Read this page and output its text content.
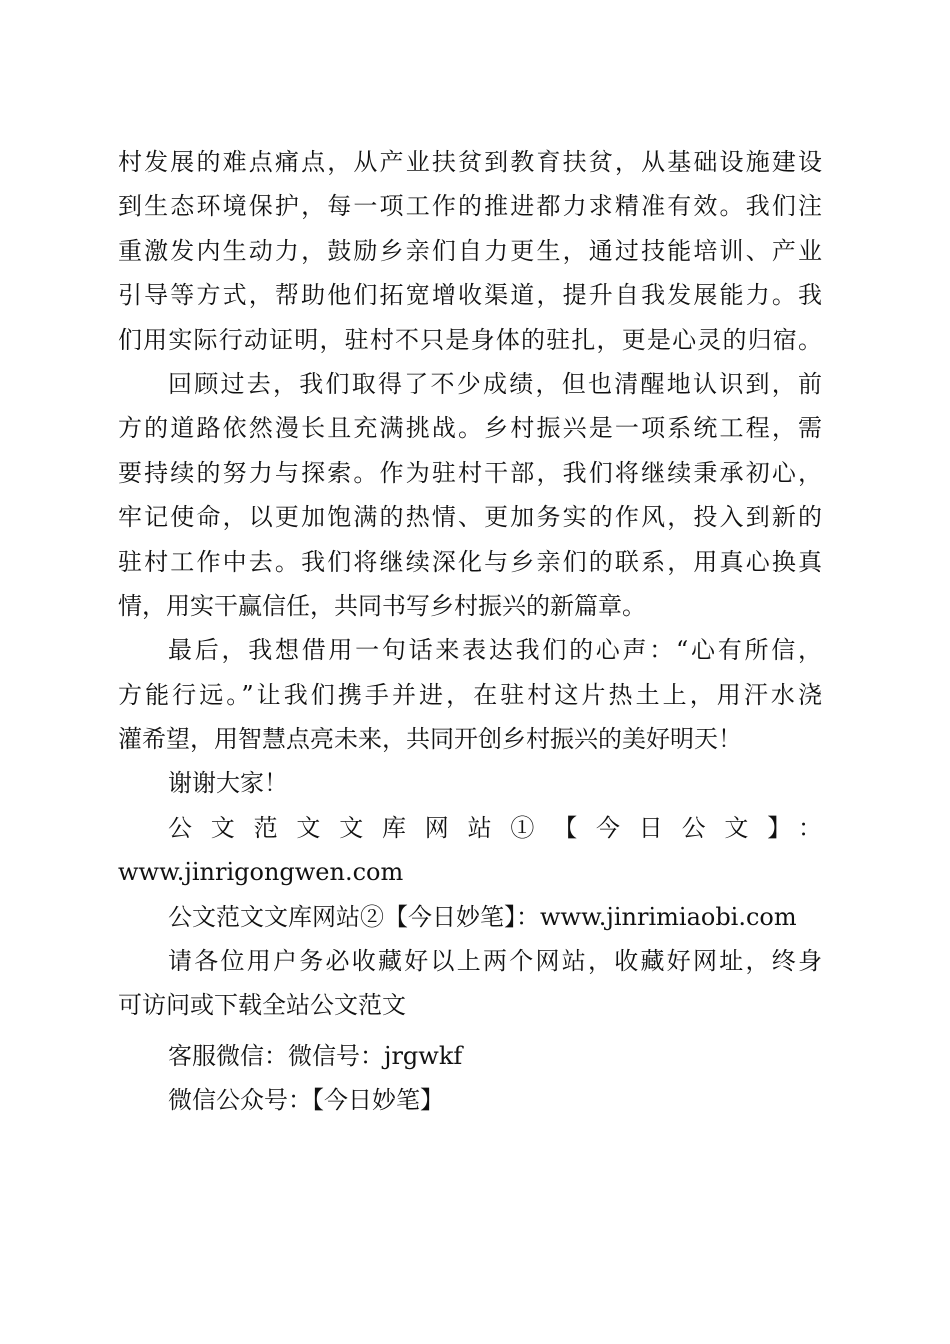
村发展的难点痛点，从产业扶贫到教育扶贫，从基础设施建设
到生态环境保护，每一项工作的推进都力求精准有效。我们注
重激发内生动力，鼓励乡亲们自力更生，通过技能培训、产业
引导等方式，帮助他们拓宽增收渠道，提升自我发展能力。我
们用实际行动证明，驻村不只是身体的驻扎，更是心灵的归宿。
回顾过去，我们取得了不少成绩，但也清醒地认识到，前
方的道路依然漫长且充满挑战。乡村振兴是一项系统工程，需
要持续的努力与探索。作为驻村干部，我们将继续秉承初心，
牢记使命，以更加饱满的热情、更加务实的作风，投入到新的
驻村工作中去。我们将继续深化与乡亲们的联系，用真心换真
情，用实干赢信任，共同书写乡村振兴的新篇章。
最后，我想借用一句话来表达我们的心声：“心有所信，
方能行远。”让我们携手并进，在驻村这片热土上，用汗水浇
灌希望，用智慧点亮未来，共同开创乡村振兴的美好明天！
谢谢大家！
公文范文文库网站①【今日公文】：
www.jinrigongwen.com
公文范文文库网站②【今日妙笔】：www.jinrimiaobi.com
请各位用户务必收藏好以上两个网站，收藏好网址，终身
可访问或下载全站公文范文
客服微信：微信号：jrgwkf
微信公众号：【今日妙笔】
